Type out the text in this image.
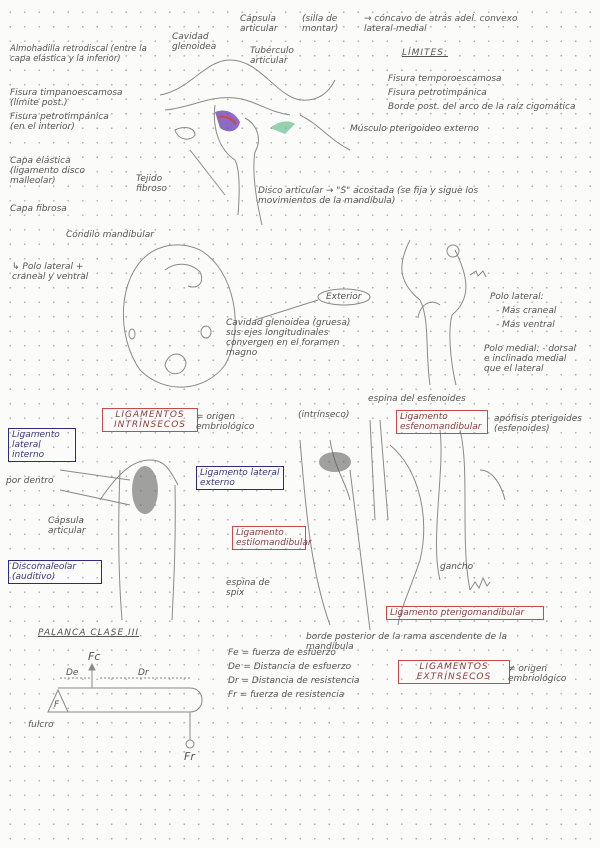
Almohadilla retrodiscal (entre la capa elástica y la inferior)
Cavidad glenoidea
Cápsula articular
(silla de montar)
→ cóncavo de atrás adel. convexo lateral-medial
Tubérculo articular
LÍMITES:
Fisura temporoescamosa
Fisura petrotimpánica
Borde post. del arco de la raíz cigomática
Fisura timpanoescamosa (límite post.)
Fisura petrotimpánica (en el interior)	Músculo pterigoideo externo
Capa elástica (ligamento disco malleolar)	Tejido fibroso
Capa fibrosa
Disco articular → "S" acostada (se fija y sigue los movimientos de la mandíbula)
Cóndilo mandibular
↳ Polo lateral + craneal y ventral
Exterior
Cavidad glenoidea (gruesa) sus ejes longitudinales convergen en el foramen magno
Polo lateral:
- Más craneal
- Más ventral
Polo medial: - dorsal e inclinado medial que el lateral
LIGAMENTOS INTRÍNSECOS
= origen embriológico
Ligamento lateral interno
por dentro
Ligamento lateral externo
Cápsula articular
Discomaleolar (auditivo)
(intrínseco)
espina del esfenoides
Ligamento esfenomandibular
apófisis pterigoides (esfenoides)
Ligamento estilomandibular
espina de spix
gancho
Ligamento pterigomandibular
borde posterior de la rama ascendente de la mandíbula
LIGAMENTOS EXTRÍNSECOS
≠ origen embriológico
PALANCA CLASE III
Fc
De	Dr
F
fulcro
Fr
Fe = fuerza de esfuerzo
De = Distancia de esfuerzo
Dr = Distancia de resistencia
Fr = fuerza de resistencia
